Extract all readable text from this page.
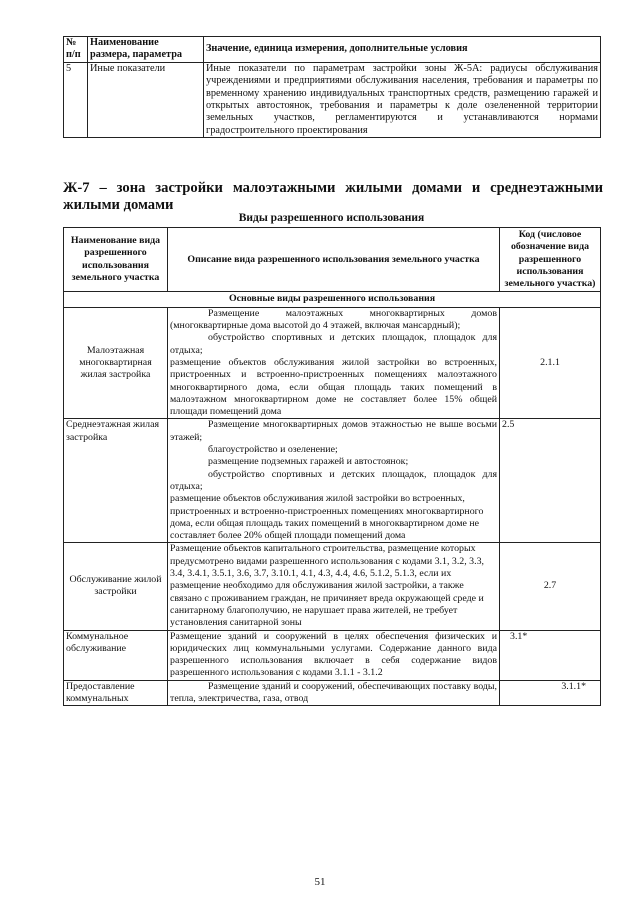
№ п/п	Наименование размера, параметра	Значение, единица измерения, дополнительные условия
5	Иные показатели	Иные показатели по параметрам застройки зоны Ж-5А: радиусы обслуживания учреждениями и предприятиями обслуживания населения, требования и параметры по временному хранению индивидуальных транспортных средств, размещению гаражей и открытых автостоянок, требования и параметры к доле озелененной территории земельных участков, регламентируются и устанавливаются нормами градостроительного проектирования
Ж-7 – зона застройки малоэтажными жилыми домами и среднеэтажными жилыми домами

Виды разрешенного использования

Наименование вида разрешенного использования земельного участка	Описание вида разрешенного использования земельного участка	Код (числовое обозначение вида разрешенного использования земельного участка)
Основные виды разрешенного использования		
Малоэтажная многоквартирная жилая застройка	Размещение малоэтажных многоквартирных домов (многоквартирные дома высотой до 4 этажей, включая мансардный);

обустройство спортивных и детских площадок, площадок для отдыха;

размещение объектов обслуживания жилой застройки во встроенных, пристроенных и встроенно-пристроенных помещениях малоэтажного многоквартирного дома, если общая площадь таких помещений в малоэтажном многоквартирном доме не составляет более 15% общей площади помещений дома	2.1.1
Среднеэтажная жилая застройка	Размещение многоквартирных домов этажностью не выше восьми этажей;

благоустройство и озеленение;

размещение подземных гаражей и автостоянок;

обустройство спортивных и детских площадок, площадок для отдыха;

размещение объектов обслуживания жилой застройки во встроенных, пристроенных и встроенно-пристроенных помещениях многоквартирного дома, если общая площадь таких помещений в многоквартирном доме не составляет более 20% общей площади помещений дома	2.5
Обслуживание жилой застройки	Размещение объектов капитального строительства, размещение которых предусмотрено видами разрешенного использования с кодами 3.1, 3.2, 3.3, 3.4, 3.4.1, 3.5.1, 3.6, 3.7, 3.10.1, 4.1, 4.3, 4.4, 4.6, 5.1.2, 5.1.3, если их размещение необходимо для обслуживания жилой застройки, а также связано с проживанием граждан, не причиняет вреда окружающей среде и санитарному благополучию, не нарушает права жителей, не требует установления санитарной зоны	2.7
Коммунальное обслуживание	Размещение зданий и сооружений в целях обеспечения физических и юридических лиц коммунальными услугами. Содержание данного вида разрешенного использования включает в себя содержание видов разрешенного использования с кодами 3.1.1 - 3.1.2	3.1*
Предоставление коммунальных	Размещение зданий и сооружений, обеспечивающих поставку воды, тепла, электричества, газа, отвод	3.1.1*

51
